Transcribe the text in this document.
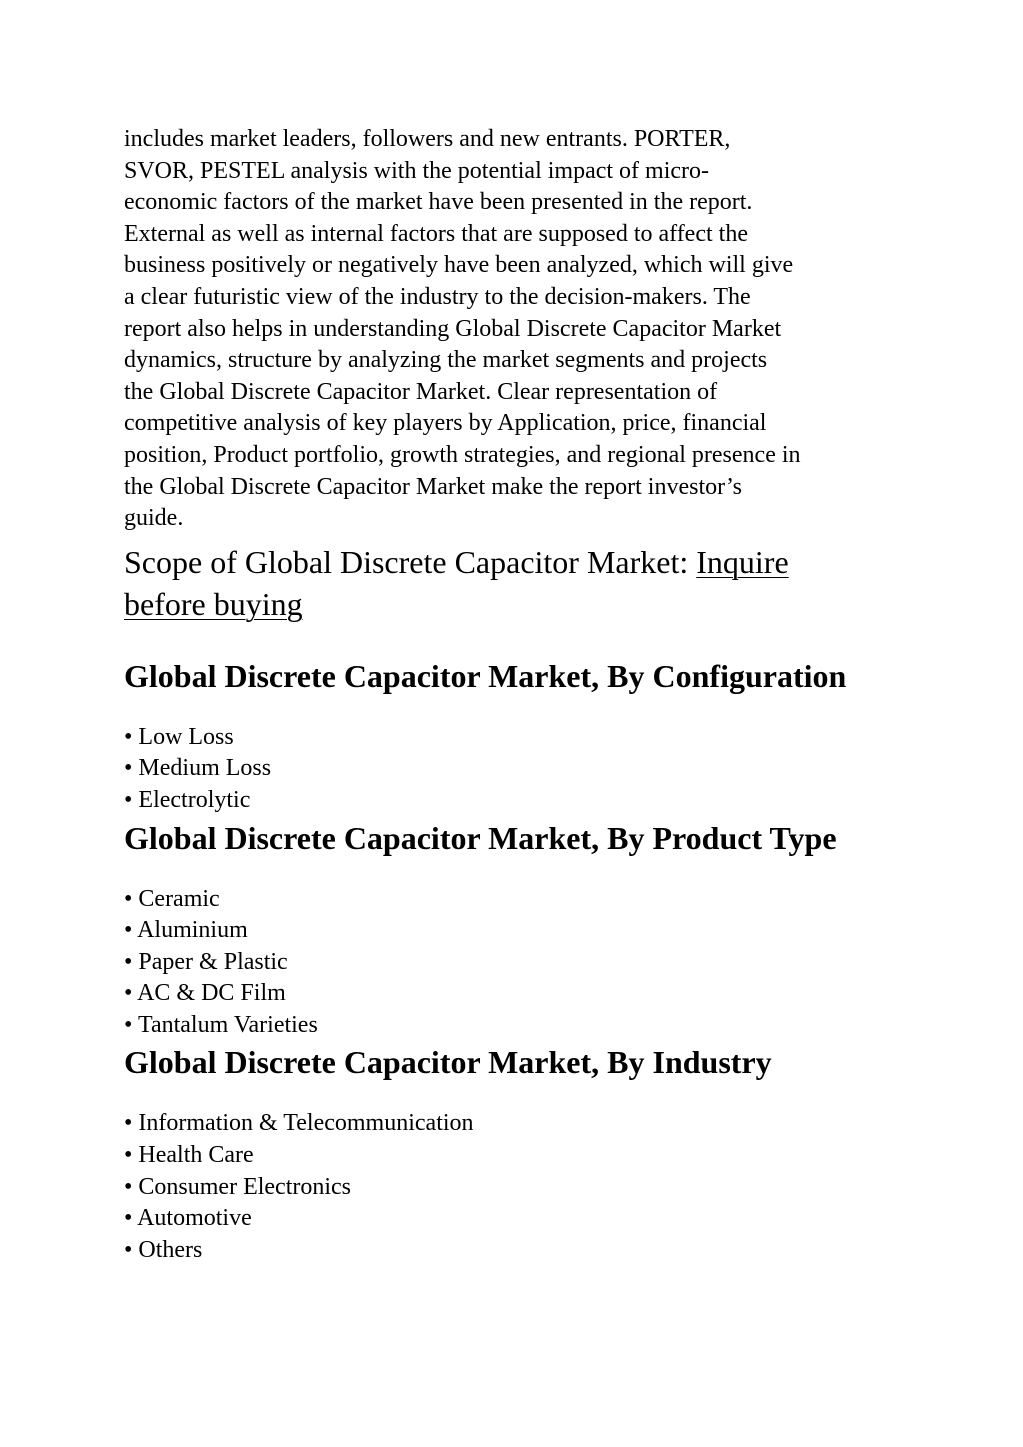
includes market leaders, followers and new entrants. PORTER,

SVOR, PESTEL analysis with the potential impact of micro-

economic factors of the market have been presented in the report.

External as well as internal factors that are supposed to affect the

business positively or negatively have been analyzed, which will give

a clear futuristic view of the industry to the decision-makers. The

report also helps in understanding Global Discrete Capacitor Market

dynamics, structure by analyzing the market segments and projects

the Global Discrete Capacitor Market. Clear representation of

competitive analysis of key players by Application, price, financial

position, Product portfolio, growth strategies, and regional presence in

the Global Discrete Capacitor Market make the report investor’s

guide.

Scope of Global Discrete Capacitor Market: Inquire

before buying

Global Discrete Capacitor Market, By Configuration
• Low Loss
• Medium Loss
• Electrolytic
Global Discrete Capacitor Market, By Product Type
• Ceramic
• Aluminium
• Paper & Plastic
• AC & DC Film
• Tantalum Varieties
Global Discrete Capacitor Market, By Industry
• Information & Telecommunication
• Health Care
• Consumer Electronics
• Automotive
• Others
